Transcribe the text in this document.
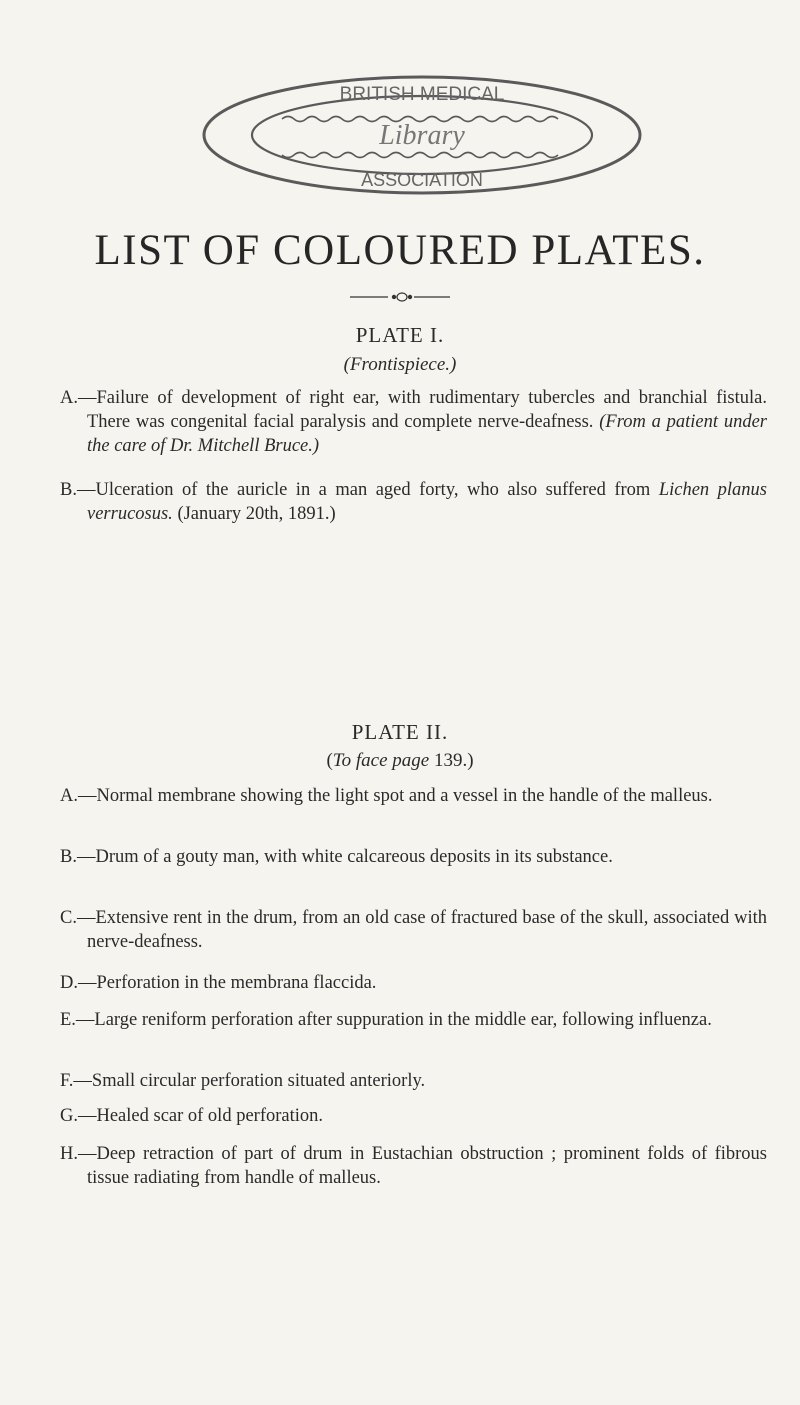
BRITISH MEDICAL
Library
ASSOCIATION
LIST OF COLOURED PLATES.
PLATE I.

(Frontispiece.)

A.—Failure of development of right ear, with rudimentary tubercles and branchial fistula. There was congenital facial paralysis and complete nerve-deafness. (From a patient under the care of Dr. Mitchell Bruce.)

B.—Ulceration of the auricle in a man aged forty, who also suffered from Lichen planus verrucosus. (January 20th, 1891.)

PLATE II.

(To face page 139.)

A.—Normal membrane showing the light spot and a vessel in the handle of the malleus.

B.—Drum of a gouty man, with white calcareous deposits in its substance.

C.—Extensive rent in the drum, from an old case of fractured base of the skull, associated with nerve-deafness.

D.—Perforation in the membrana flaccida.

E.—Large reniform perforation after suppuration in the middle ear, following influenza.

F.—Small circular perforation situated anteriorly.

G.—Healed scar of old perforation.

H.—Deep retraction of part of drum in Eustachian obstruction ; prominent folds of fibrous tissue radiating from handle of malleus.
